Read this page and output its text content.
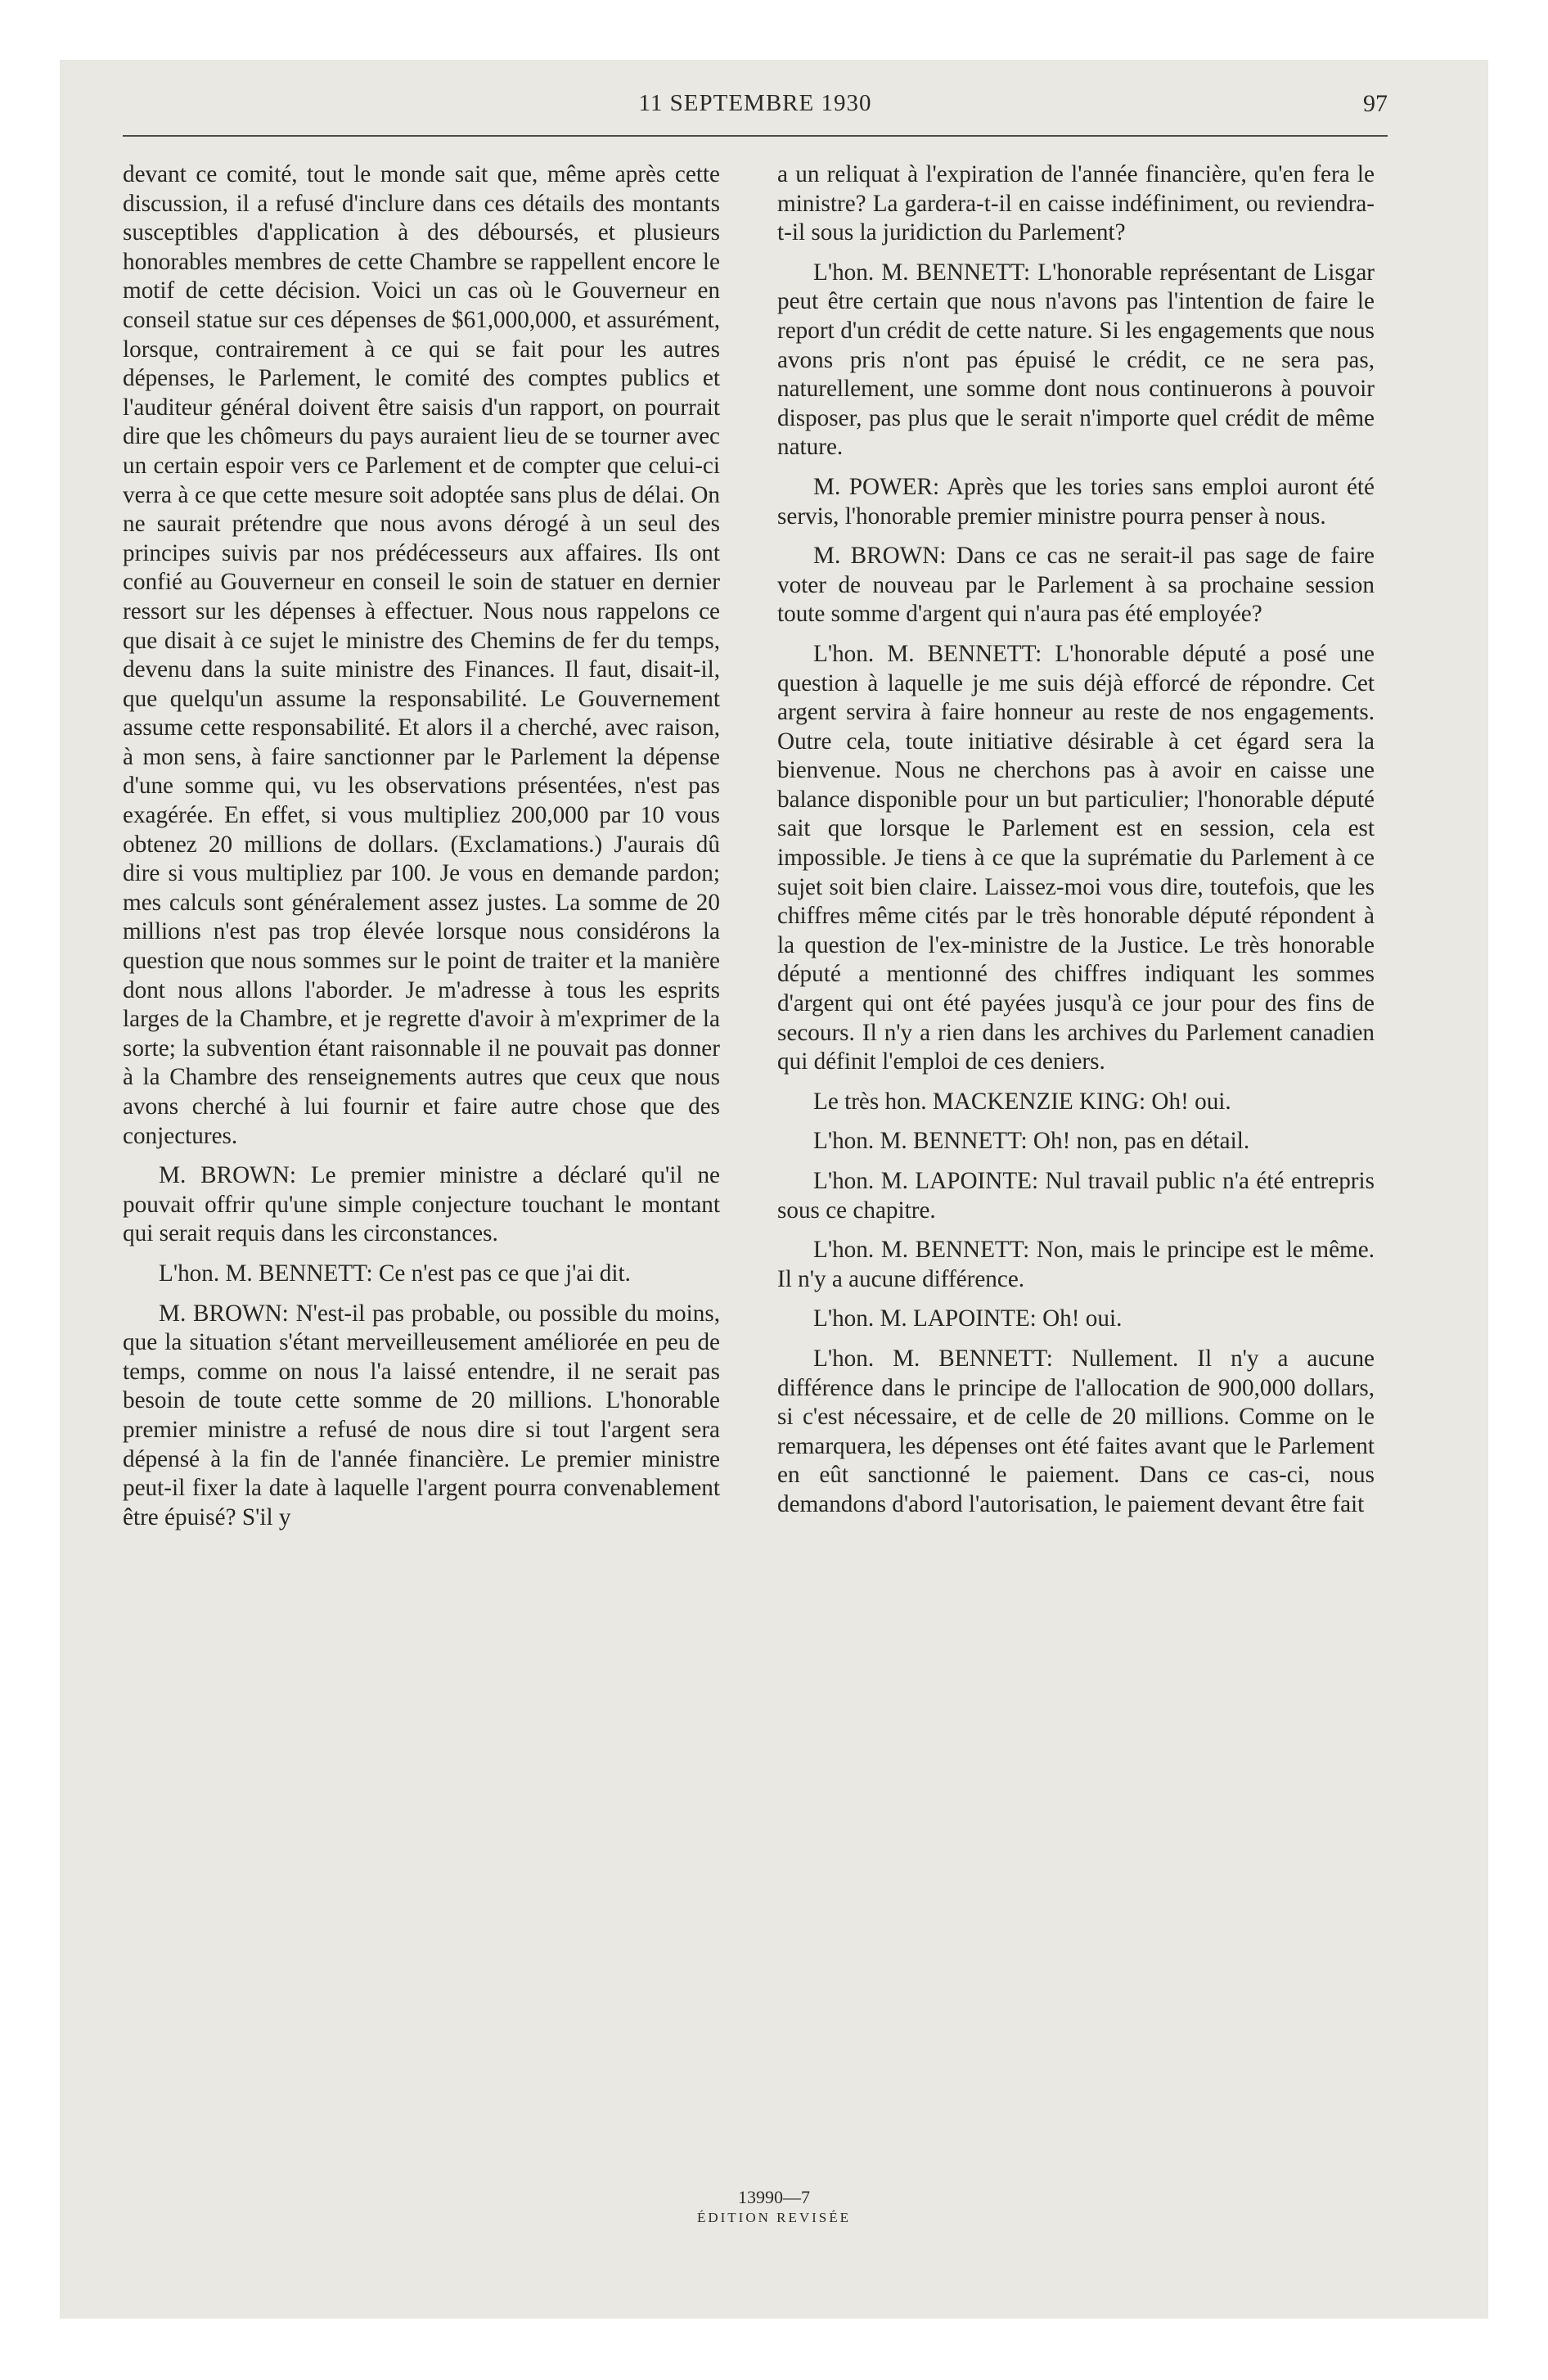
11 SEPTEMBRE 1930	97

devant ce comité, tout le monde sait que, même après cette discussion, il a refusé d'inclure dans ces détails des montants susceptibles d'application à des déboursés, et plusieurs honorables membres de cette Chambre se rappellent encore le motif de cette décision. Voici un cas où le Gouverneur en conseil statue sur ces dépenses de $61,000,000, et assurément, lorsque, contrairement à ce qui se fait pour les autres dépenses, le Parlement, le comité des comptes publics et l'auditeur général doivent être saisis d'un rapport, on pourrait dire que les chômeurs du pays auraient lieu de se tourner avec un certain espoir vers ce Parlement et de compter que celui-ci verra à ce que cette mesure soit adoptée sans plus de délai. On ne saurait prétendre que nous avons dérogé à un seul des principes suivis par nos prédécesseurs aux affaires. Ils ont confié au Gouverneur en conseil le soin de statuer en dernier ressort sur les dépenses à effectuer. Nous nous rappelons ce que disait à ce sujet le ministre des Chemins de fer du temps, devenu dans la suite ministre des Finances. Il faut, disait-il, que quelqu'un assume la responsabilité. Le Gouvernement assume cette responsabilité. Et alors il a cherché, avec raison, à mon sens, à faire sanctionner par le Parlement la dépense d'une somme qui, vu les observations présentées, n'est pas exagérée. En effet, si vous multipliez 200,000 par 10 vous obtenez 20 millions de dollars. (Exclamations.) J'aurais dû dire si vous multipliez par 100. Je vous en demande pardon; mes calculs sont généralement assez justes. La somme de 20 millions n'est pas trop élevée lorsque nous considérons la question que nous sommes sur le point de traiter et la manière dont nous allons l'aborder. Je m'adresse à tous les esprits larges de la Chambre, et je regrette d'avoir à m'exprimer de la sorte; la subvention étant raisonnable il ne pouvait pas donner à la Chambre des renseignements autres que ceux que nous avons cherché à lui fournir et faire autre chose que des conjectures.

M. BROWN: Le premier ministre a déclaré qu'il ne pouvait offrir qu'une simple conjecture touchant le montant qui serait requis dans les circonstances.

L'hon. M. BENNETT: Ce n'est pas ce que j'ai dit.

M. BROWN: N'est-il pas probable, ou possible du moins, que la situation s'étant merveilleusement améliorée en peu de temps, comme on nous l'a laissé entendre, il ne serait pas besoin de toute cette somme de 20 millions. L'honorable premier ministre a refusé de nous dire si tout l'argent sera dépensé à la fin de l'année financière. Le premier ministre peut-il fixer la date à laquelle l'argent pourra convenablement être épuisé? S'il y

a un reliquat à l'expiration de l'année financière, qu'en fera le ministre? La gardera-t-il en caisse indéfiniment, ou reviendra-t-il sous la juridiction du Parlement?

L'hon. M. BENNETT: L'honorable représentant de Lisgar peut être certain que nous n'avons pas l'intention de faire le report d'un crédit de cette nature. Si les engagements que nous avons pris n'ont pas épuisé le crédit, ce ne sera pas, naturellement, une somme dont nous continuerons à pouvoir disposer, pas plus que le serait n'importe quel crédit de même nature.

M. POWER: Après que les tories sans emploi auront été servis, l'honorable premier ministre pourra penser à nous.

M. BROWN: Dans ce cas ne serait-il pas sage de faire voter de nouveau par le Parlement à sa prochaine session toute somme d'argent qui n'aura pas été employée?

L'hon. M. BENNETT: L'honorable député a posé une question à laquelle je me suis déjà efforcé de répondre. Cet argent servira à faire honneur au reste de nos engagements. Outre cela, toute initiative désirable à cet égard sera la bienvenue. Nous ne cherchons pas à avoir en caisse une balance disponible pour un but particulier; l'honorable député sait que lorsque le Parlement est en session, cela est impossible. Je tiens à ce que la suprématie du Parlement à ce sujet soit bien claire. Laissez-moi vous dire, toutefois, que les chiffres même cités par le très honorable député répondent à la question de l'ex-ministre de la Justice. Le très honorable député a mentionné des chiffres indiquant les sommes d'argent qui ont été payées jusqu'à ce jour pour des fins de secours. Il n'y a rien dans les archives du Parlement canadien qui définit l'emploi de ces deniers.

Le très hon. MACKENZIE KING: Oh! oui.

L'hon. M. BENNETT: Oh! non, pas en détail.

L'hon. M. LAPOINTE: Nul travail public n'a été entrepris sous ce chapitre.

L'hon. M. BENNETT: Non, mais le principe est le même. Il n'y a aucune différence.

L'hon. M. LAPOINTE: Oh! oui.

L'hon. M. BENNETT: Nullement. Il n'y a aucune différence dans le principe de l'allocation de 900,000 dollars, si c'est nécessaire, et de celle de 20 millions. Comme on le remarquera, les dépenses ont été faites avant que le Parlement en eût sanctionné le paiement. Dans ce cas-ci, nous demandons d'abord l'autorisation, le paiement devant être fait

13990—7
ÉDITION REVISÉE
